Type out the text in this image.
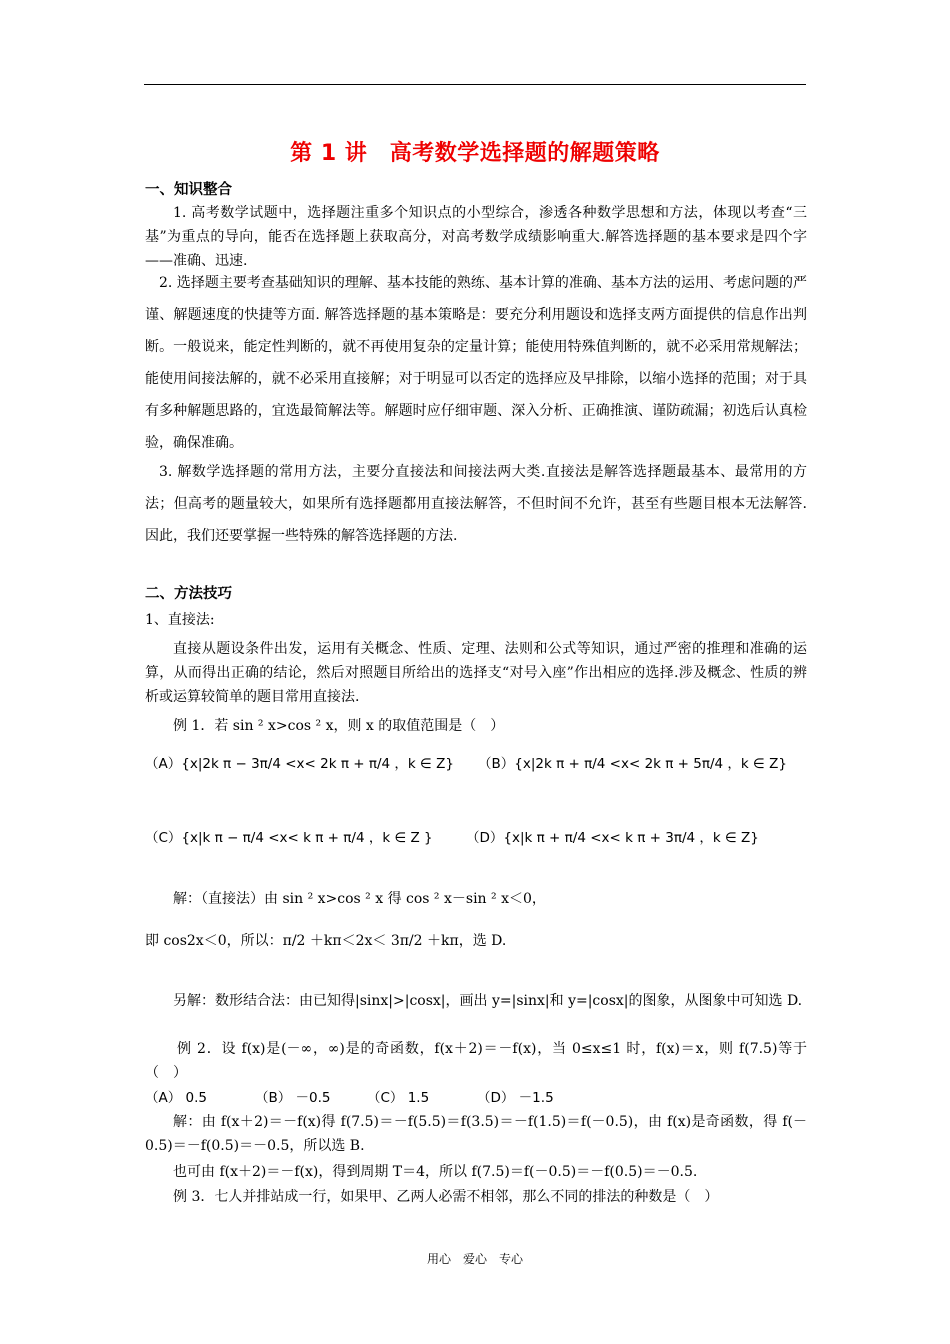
第 1 讲　高考数学选择题的解题策略
一、知识整合
1. 高考数学试题中，选择题注重多个知识点的小型综合，渗透各种数学思想和方法，体现以考查“三基”为重点的导向，能否在选择题上获取高分，对高考数学成绩影响重大.解答选择题的基本要求是四个字——准确、迅速.
2. 选择题主要考查基础知识的理解、基本技能的熟练、基本计算的准确、基本方法的运用、考虑问题的严谨、解题速度的快捷等方面. 解答选择题的基本策略是：要充分利用题设和选择支两方面提供的信息作出判断。一般说来，能定性判断的，就不再使用复杂的定量计算；能使用特殊值判断的，就不必采用常规解法；能使用间接法解的，就不必采用直接解；对于明显可以否定的选择应及早排除，以缩小选择的范围；对于具有多种解题思路的，宜选最简解法等。解题时应仔细审题、深入分析、正确推演、谨防疏漏；初选后认真检验，确保准确。
3. 解数学选择题的常用方法，主要分直接法和间接法两大类.直接法是解答选择题最基本、最常用的方法；但高考的题量较大，如果所有选择题都用直接法解答，不但时间不允许，甚至有些题目根本无法解答.因此，我们还要掌握一些特殊的解答选择题的方法.
二、方法技巧
1、直接法:
直接从题设条件出发，运用有关概念、性质、定理、法则和公式等知识，通过严密的推理和准确的运算，从而得出正确的结论，然后对照题目所给出的选择支“对号入座”作出相应的选择.涉及概念、性质的辨析或运算较简单的题目常用直接法.
例 1．若 sin ² x>cos ² x，则 x 的取值范围是（　）
（A）{x|2k π − 3π/4 <x< 2k π + π/4 ，k ∈ Z} （B）{x|2k π + π/4 <x< 2k π + 5π/4 ，k ∈ Z}
（C）{x|k π − π/4 <x< k π + π/4 ，k ∈ Z } （D）{x|k π + π/4 <x< k π + 3π/4 ，k ∈ Z}
解：（直接法）由 sin ² x>cos ² x 得 cos ² x－sin ² x＜0，
即 cos2x＜0，所以：π/2 ＋kπ＜2x＜ 3π/2 ＋kπ，选 D.
另解：数形结合法：由已知得|sinx|>|cosx|，画出 y=|sinx|和 y=|cosx|的图象，从图象中可知选 D.
例 2．设 f(x)是(－∞，∞)是的奇函数，f(x＋2)＝－f(x)，当 0≤x≤1 时，f(x)＝x，则 f(7.5)等于（　）
（A） 0.5	（B） －0.5	（C） 1.5	（D） －1.5
解：由 f(x＋2)＝－f(x)得 f(7.5)＝－f(5.5)＝f(3.5)＝－f(1.5)＝f(－0.5)，由 f(x)是奇函数，得 f(－0.5)＝－f(0.5)＝－0.5，所以选 B.
也可由 f(x＋2)＝－f(x)，得到周期 T＝4，所以 f(7.5)＝f(－0.5)＝－f(0.5)＝－0.5.
例 3．七人并排站成一行，如果甲、乙两人必需不相邻，那么不同的排法的种数是（　）
用心　爱心　专心
